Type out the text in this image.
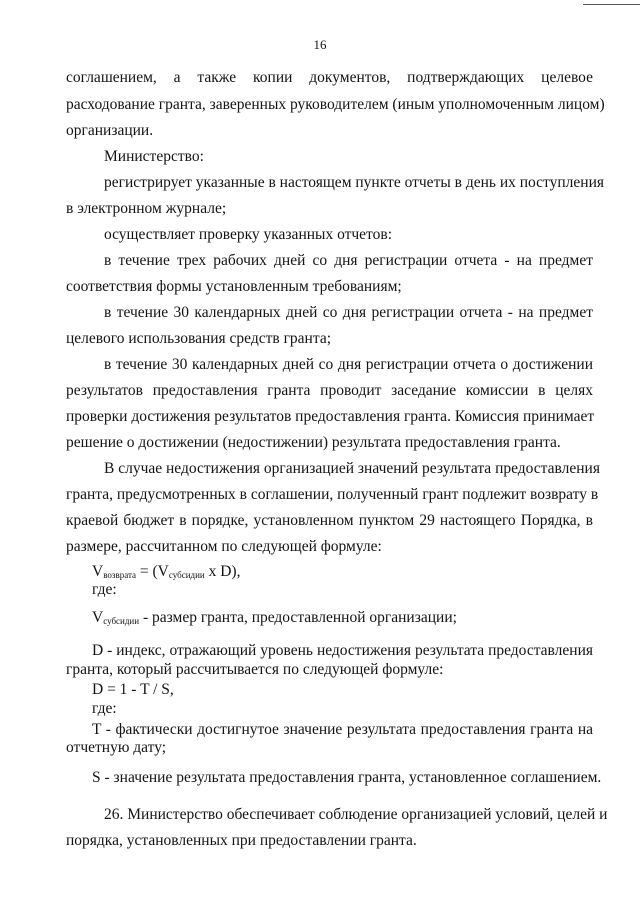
16
соглашением, а также копии документов, подтверждающих целевое
расходование гранта, заверенных руководителем (иным уполномоченным лицом)
организации.
Министерство:
регистрирует указанные в настоящем пункте отчеты в день их поступления
в электронном журнале;
осуществляет проверку указанных отчетов:
в течение трех рабочих дней со дня регистрации отчета - на предмет
соответствия формы установленным требованиям;
в течение 30 календарных дней со дня регистрации отчета - на предмет
целевого использования средств гранта;
в течение 30 календарных дней со дня регистрации отчета о достижении
результатов предоставления гранта проводит заседание комиссии в целях
проверки достижения результатов предоставления гранта. Комиссия принимает
решение о достижении (недостижении) результата предоставления гранта.
В случае недостижения организацией значений результата предоставления
гранта, предусмотренных в соглашении, полученный грант подлежит возврату в
краевой бюджет в порядке, установленном пунктом 29 настоящего Порядка, в
размере, рассчитанном по следующей формуле:
$V_{возврата} = (V_{субсидии}$ x D),
где:
$V_{субсидии}$ - размер гранта, предоставленной организации;
D - индекс, отражающий уровень недостижения результата предоставления
гранта, который рассчитывается по следующей формуле:
D = 1 - T / S,
где:
T - фактически достигнутое значение результата предоставления гранта на
отчетную дату;
S - значение результата предоставления гранта, установленное соглашением.
26. Министерство обеспечивает соблюдение организацией условий, целей и
порядка, установленных при предоставлении гранта.
